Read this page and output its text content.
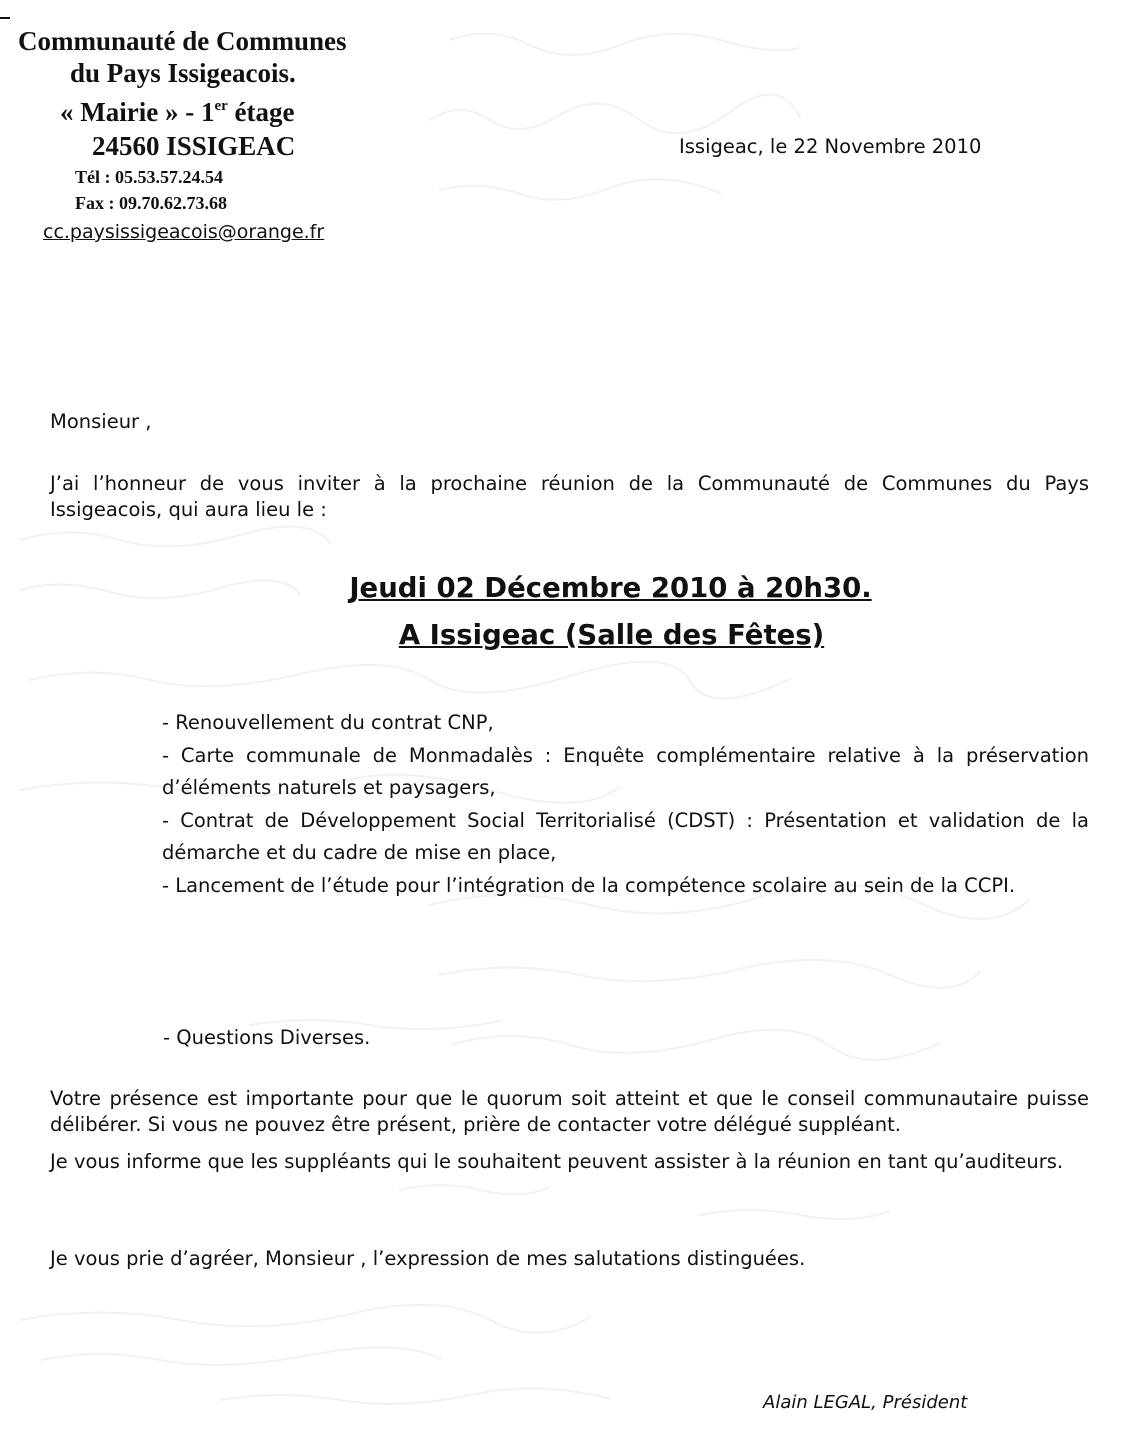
Communauté de Communes
du Pays Issigeacois.
« Mairie » - 1er étage
24560 ISSIGEAC
Tél : 05.53.57.24.54
Fax : 09.70.62.73.68
cc.paysissigeacois@orange.fr
Issigeac, le 22 Novembre 2010
Monsieur ,

J’ai l’honneur de vous inviter à la prochaine réunion de la Communauté de Communes du Pays Issigeacois, qui aura lieu le :

Jeudi 02 Décembre 2010 à 20h30.
A Issigeac (Salle des Fêtes)
- Renouvellement du contrat CNP,
- Carte communale de Monmadalès : Enquête complémentaire relative à la préservation d’éléments naturels et paysagers,
- Contrat de Développement Social Territorialisé (CDST) : Présentation et validation de la démarche et du cadre de mise en place,
- Lancement de l’étude pour l’intégration de la compétence scolaire au sein de la CCPI.
- Questions Diverses.

Votre présence est importante pour que le quorum soit atteint et que le conseil communautaire puisse délibérer. Si vous ne pouvez être présent, prière de contacter votre délégué suppléant.

Je vous informe que les suppléants qui le souhaitent peuvent assister à la réunion en tant qu’auditeurs.

Je vous prie d’agréer, Monsieur , l’expression de mes salutations distinguées.
Alain LEGAL, Président
